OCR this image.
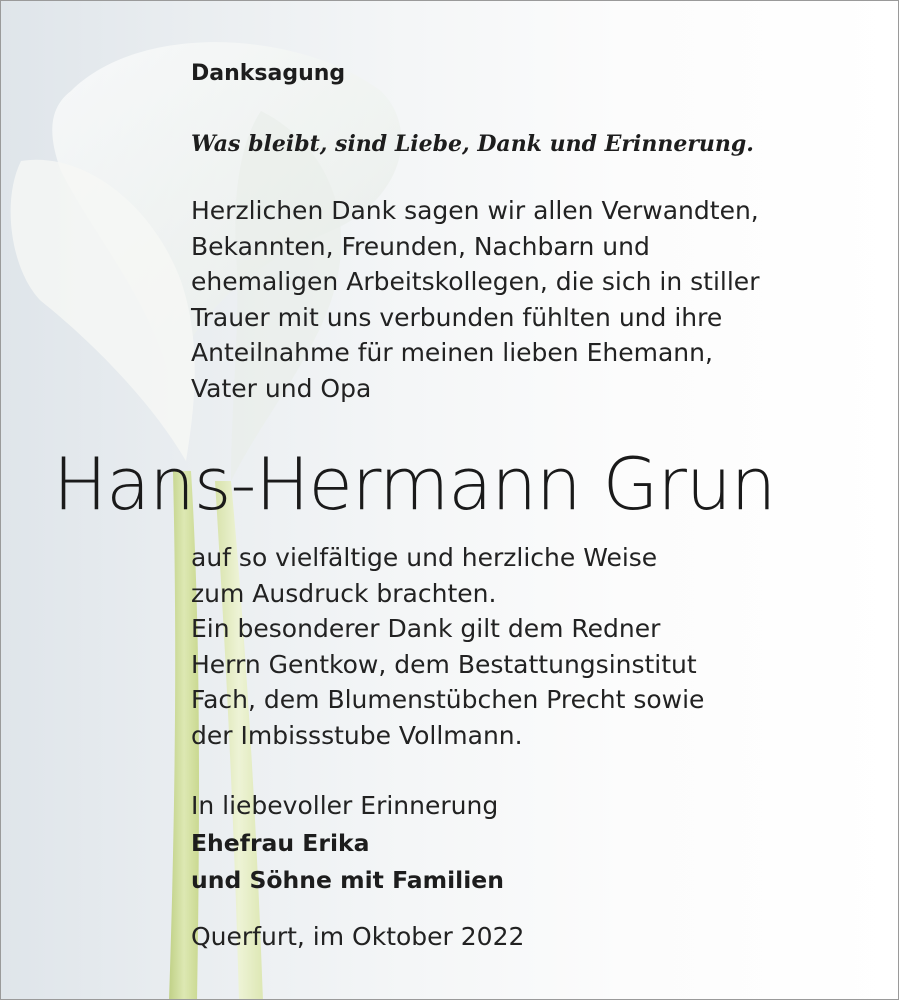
Danksagung

Was bleibt, sind Liebe, Dank und Erinnerung.

Herzlichen Dank sagen wir allen Verwandten,
Bekannten, Freunden, Nachbarn und
ehemaligen Arbeitskollegen, die sich in stiller
Trauer mit uns verbunden fühlten und ihre
Anteilnahme für meinen lieben Ehemann,
Vater und Opa

Hans-Hermann Grun

auf so vielfältige und herzliche Weise
zum Ausdruck brachten.

Ein besonderer Dank gilt dem Redner
Herrn Gentkow, dem Bestattungsinstitut
Fach, dem Blumenstübchen Precht sowie
der Imbissstube Vollmann.

In liebevoller Erinnerung

Ehefrau Erika

und Söhne mit Familien

Querfurt, im Oktober 2022
